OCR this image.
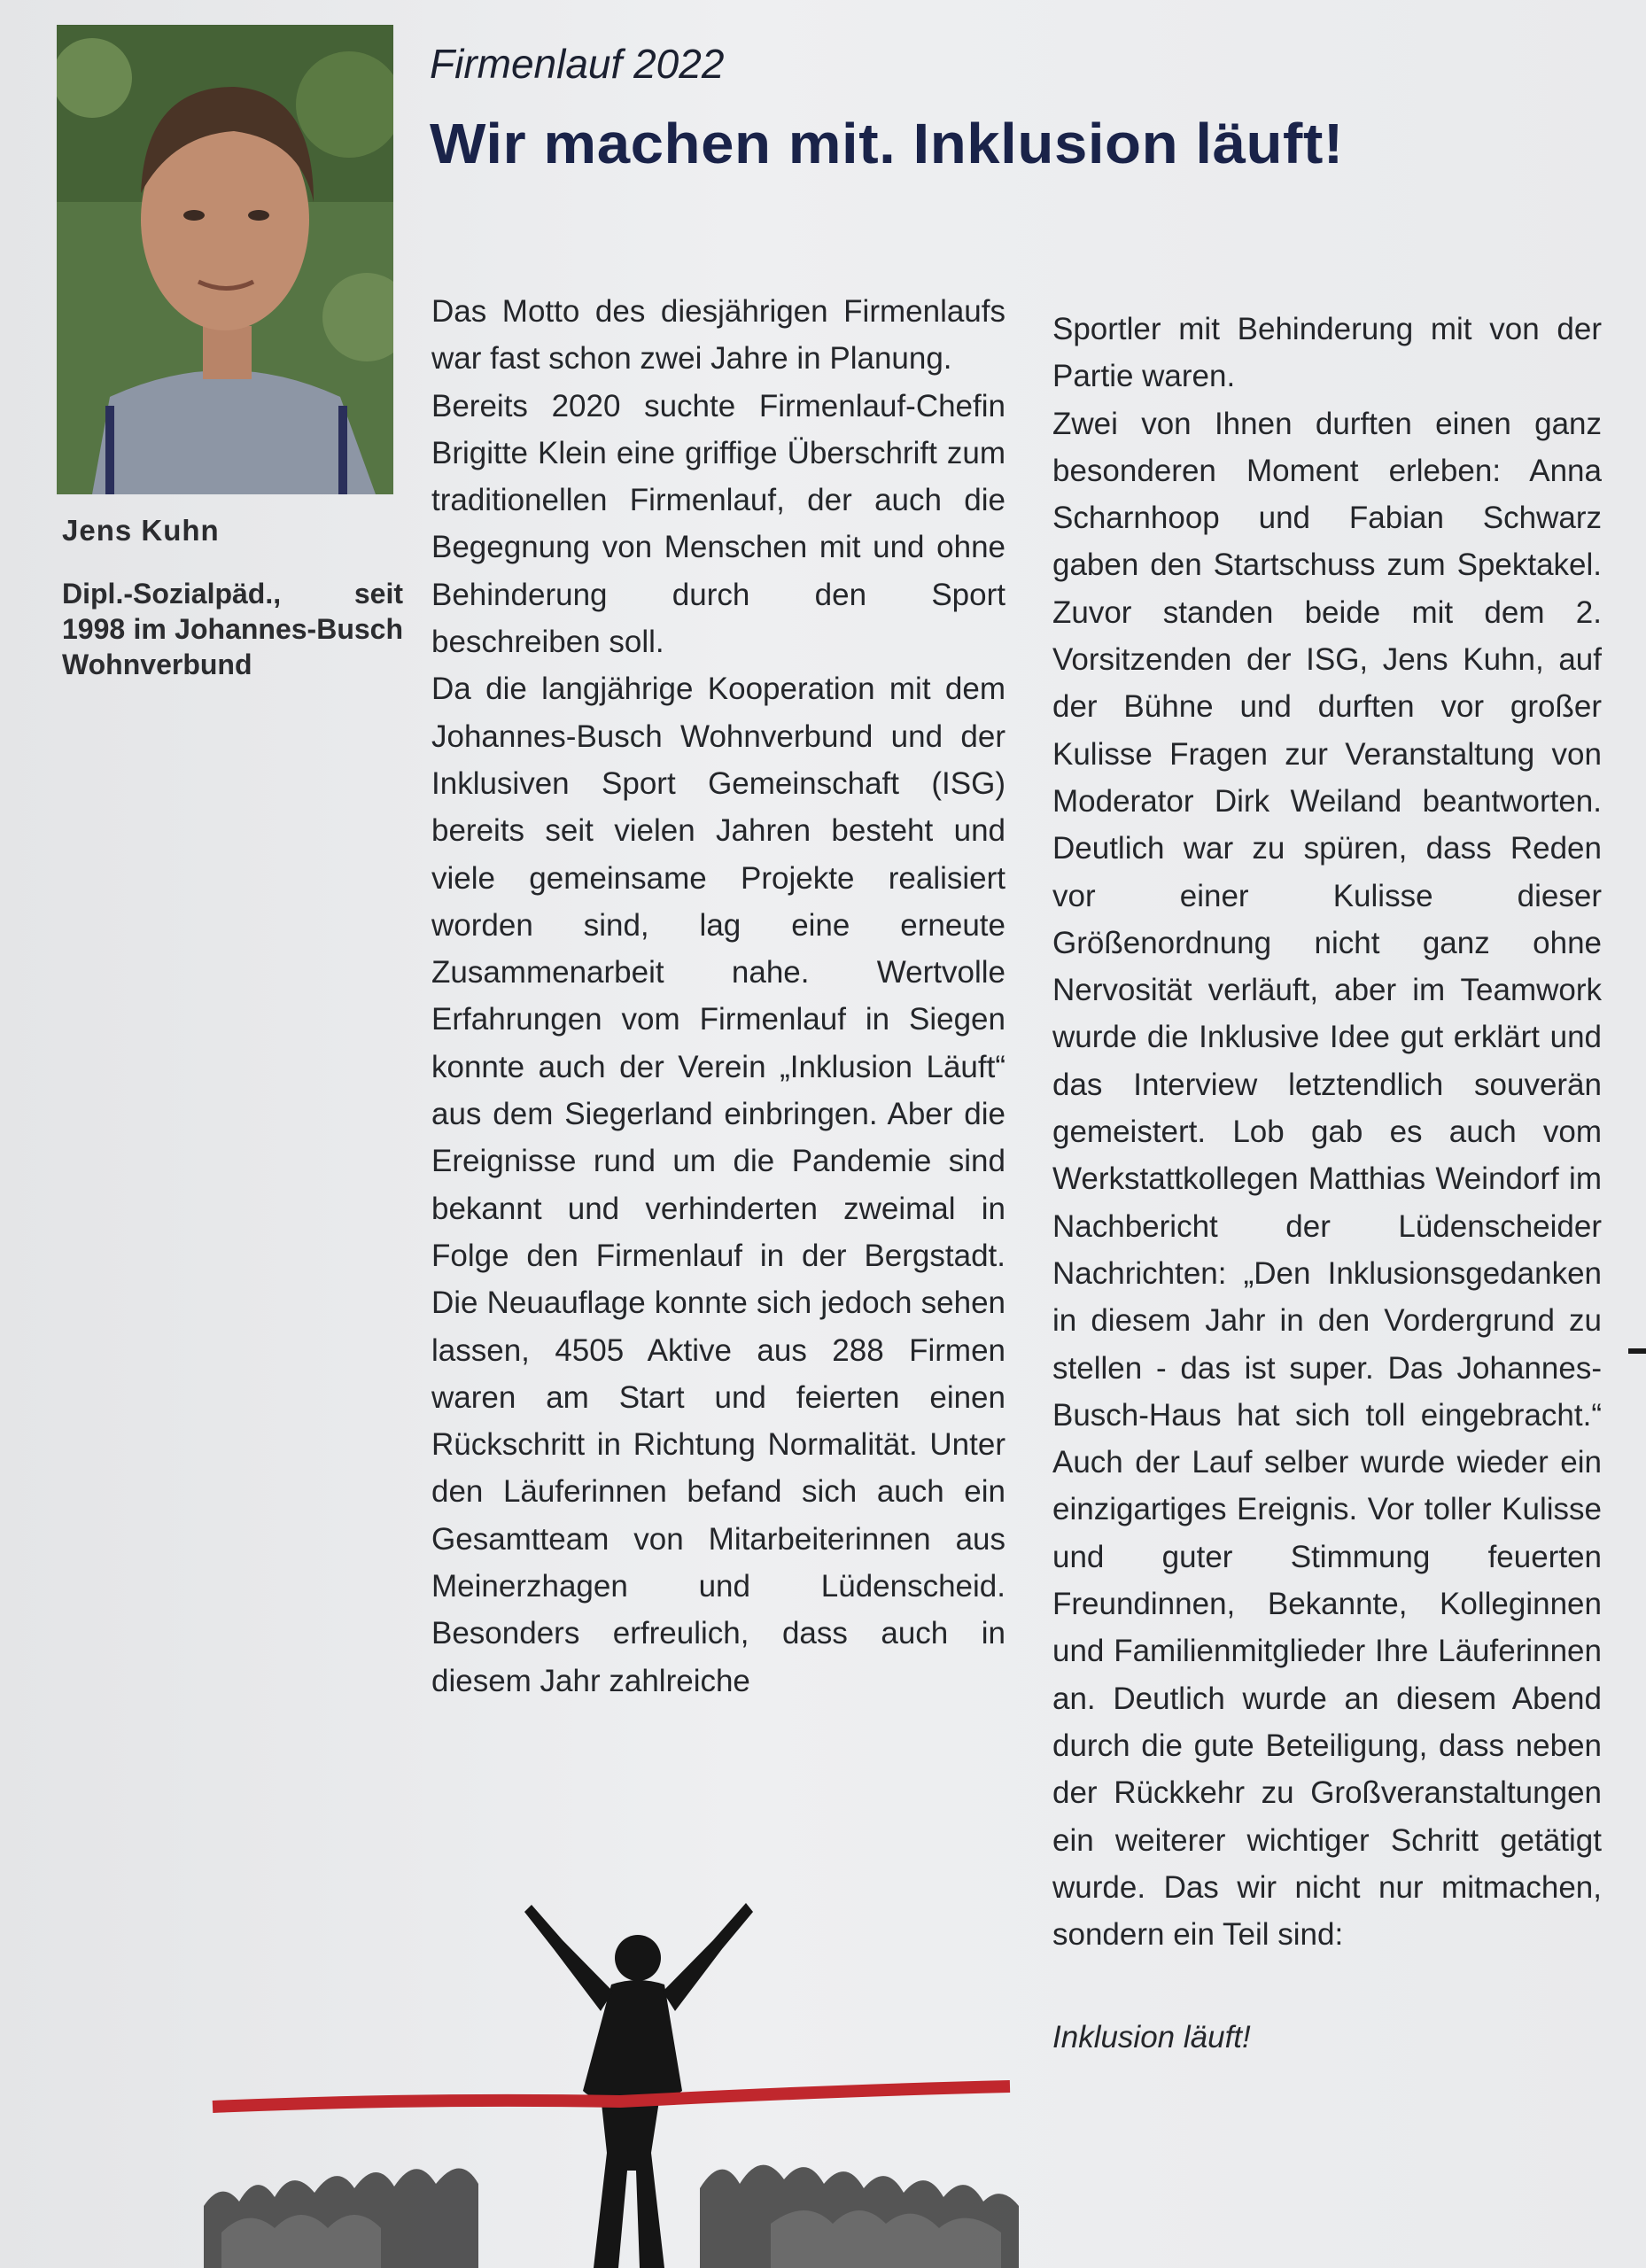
Jens Kuhn
Dipl.-Sozialpäd., seit 1998 im Johannes-Busch Wohnverbund
Firmenlauf 2022
Wir machen mit. Inklusion läuft!

Das Motto des diesjährigen Firmenlaufs war fast schon zwei Jahre in Planung.

Bereits 2020 suchte Firmenlauf-Chefin Brigitte Klein eine griffige Überschrift zum traditionellen Firmenlauf, der auch die Begegnung von Menschen mit und ohne Behinderung durch den Sport beschreiben soll.

Da die langjährige Kooperation mit dem Johannes-Busch Wohnverbund und der Inklusiven Sport Gemeinschaft (ISG) bereits seit vielen Jahren besteht und viele gemeinsame Projekte realisiert worden sind, lag eine erneute Zusammenarbeit nahe. Wertvolle Erfahrungen vom Firmenlauf in Siegen konnte auch der Verein „Inklusion Läuft“ aus dem Siegerland einbringen. Aber die Ereignisse rund um die Pandemie sind bekannt und verhinderten zweimal in Folge den Firmenlauf in der Bergstadt. Die Neuauflage konnte sich jedoch sehen lassen, 4505 Aktive aus 288 Firmen waren am Start und feierten einen Rückschritt in Richtung Normalität. Unter den Läuferinnen befand sich auch ein Gesamtteam von Mitarbeiterinnen aus Meinerzhagen und Lüdenscheid. Besonders erfreulich, dass auch in diesem Jahr zahlreiche

Sportler mit Behinderung mit von der Partie waren.

Zwei von Ihnen durften einen ganz besonderen Moment erleben: Anna Scharnhoop und Fabian Schwarz gaben den Startschuss zum Spektakel. Zuvor standen beide mit dem 2. Vorsitzenden der ISG, Jens Kuhn, auf der Bühne und durften vor großer Kulisse Fragen zur Veranstaltung von Moderator Dirk Weiland beantworten. Deutlich war zu spüren, dass Reden vor einer Kulisse dieser Größenordnung nicht ganz ohne Nervosität verläuft, aber im Teamwork wurde die Inklusive Idee gut erklärt und das Interview letztendlich souverän gemeistert. Lob gab es auch vom Werkstattkollegen Matthias Weindorf im Nachbericht der Lüdenscheider Nachrichten: „Den Inklusionsgedanken in diesem Jahr in den Vordergrund zu stellen - das ist super. Das Johannes-Busch-Haus hat sich toll eingebracht.“ Auch der Lauf selber wurde wieder ein einzigartiges Ereignis. Vor toller Kulisse und guter Stimmung feuerten Freundinnen, Bekannte, Kolleginnen und Familienmitglieder Ihre Läuferinnen an. Deutlich wurde an diesem Abend durch die gute Beteiligung, dass neben der Rückkehr zu Großveranstaltungen ein weiterer wichtiger Schritt getätigt wurde. Das wir nicht nur mitmachen, sondern ein Teil sind:

Inklusion läuft!
